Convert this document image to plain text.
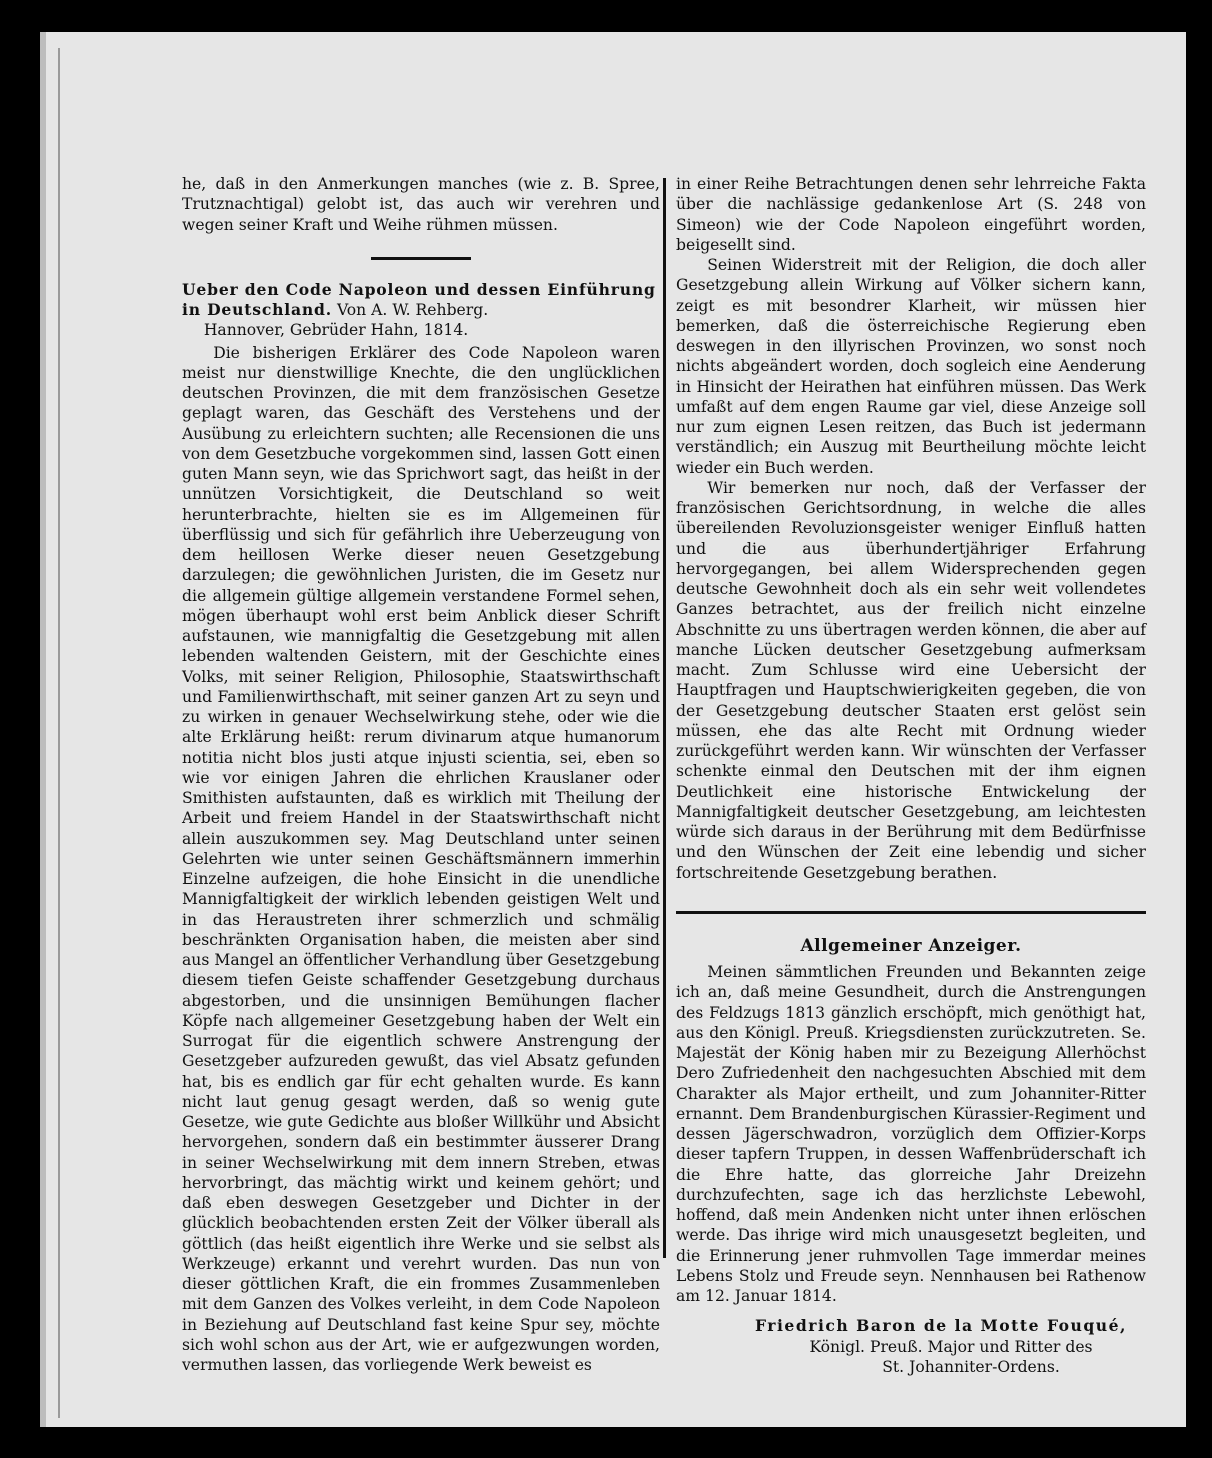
he, daß in den Anmerkungen manches (wie z. B. Spree, Trutznachtigal) gelobt ist, das auch wir verehren und wegen seiner Kraft und Weihe rühmen müssen.

Ueber den Code Napoleon und dessen Einführung in Deutschland. Von A. W. Rehberg.
Hannover, Gebrüder Hahn, 1814.

Die bisherigen Erklärer des Code Napoleon waren meist nur dienstwillige Knechte, die den unglücklichen deutschen Provinzen, die mit dem französischen Gesetze geplagt waren, das Geschäft des Verstehens und der Ausübung zu erleichtern suchten; alle Recensionen die uns von dem Gesetzbuche vorgekommen sind, lassen Gott einen guten Mann seyn, wie das Sprichwort sagt, das heißt in der unnützen Vorsichtigkeit, die Deutschland so weit herunterbrachte, hielten sie es im Allgemeinen für überflüssig und sich für gefährlich ihre Ueberzeugung von dem heillosen Werke dieser neuen Gesetzgebung darzulegen; die gewöhnlichen Juristen, die im Gesetz nur die allgemein gültige allgemein verstandene Formel sehen, mögen überhaupt wohl erst beim Anblick dieser Schrift aufstaunen, wie mannigfaltig die Gesetzgebung mit allen lebenden waltenden Geistern, mit der Geschichte eines Volks, mit seiner Religion, Philosophie, Staatswirthschaft und Familienwirthschaft, mit seiner ganzen Art zu seyn und zu wirken in genauer Wechselwirkung stehe, oder wie die alte Erklärung heißt: rerum divinarum atque humanorum notitia nicht blos justi atque injusti scientia, sei, eben so wie vor einigen Jahren die ehrlichen Krauslaner oder Smithisten aufstaunten, daß es wirklich mit Theilung der Arbeit und freiem Handel in der Staatswirthschaft nicht allein auszukommen sey. Mag Deutschland unter seinen Gelehrten wie unter seinen Geschäftsmännern immerhin Einzelne aufzeigen, die hohe Einsicht in die unendliche Mannigfaltigkeit der wirklich lebenden geistigen Welt und in das Heraustreten ihrer schmerzlich und schmälig beschränkten Organisation haben, die meisten aber sind aus Mangel an öffentlicher Verhandlung über Gesetzgebung diesem tiefen Geiste schaffender Gesetzgebung durchaus abgestorben, und die unsinnigen Bemühungen flacher Köpfe nach allgemeiner Gesetzgebung haben der Welt ein Surrogat für die eigentlich schwere Anstrengung der Gesetzgeber aufzureden gewußt, das viel Absatz gefunden hat, bis es endlich gar für echt gehalten wurde. Es kann nicht laut genug gesagt werden, daß so wenig gute Gesetze, wie gute Gedichte aus bloßer Willkühr und Absicht hervorgehen, sondern daß ein bestimmter äusserer Drang in seiner Wechselwirkung mit dem innern Streben, etwas hervorbringt, das mächtig wirkt und keinem gehört; und daß eben deswegen Gesetzgeber und Dichter in der glücklich beobachtenden ersten Zeit der Völker überall als göttlich (das heißt eigentlich ihre Werke und sie selbst als Werkzeuge) erkannt und verehrt wurden. Das nun von dieser göttlichen Kraft, die ein frommes Zusammenleben mit dem Ganzen des Volkes verleiht, in dem Code Napoleon in Beziehung auf Deutschland fast keine Spur sey, möchte sich wohl schon aus der Art, wie er aufgezwungen worden, vermuthen lassen, das vorliegende Werk beweist es

in einer Reihe Betrachtungen denen sehr lehrreiche Fakta über die nachlässige gedankenlose Art (S. 248 von Simeon) wie der Code Napoleon eingeführt worden, beigesellt sind.

Seinen Widerstreit mit der Religion, die doch aller Gesetzgebung allein Wirkung auf Völker sichern kann, zeigt es mit besondrer Klarheit, wir müssen hier bemerken, daß die österreichische Regierung eben deswegen in den illyrischen Provinzen, wo sonst noch nichts abgeändert worden, doch sogleich eine Aenderung in Hinsicht der Heirathen hat einführen müssen. Das Werk umfaßt auf dem engen Raume gar viel, diese Anzeige soll nur zum eignen Lesen reitzen, das Buch ist jedermann verständlich; ein Auszug mit Beurtheilung möchte leicht wieder ein Buch werden.

Wir bemerken nur noch, daß der Verfasser der französischen Gerichtsordnung, in welche die alles übereilenden Revoluzionsgeister weniger Einfluß hatten und die aus überhundertjähriger Erfahrung hervorgegangen, bei allem Widersprechenden gegen deutsche Gewohnheit doch als ein sehr weit vollendetes Ganzes betrachtet, aus der freilich nicht einzelne Abschnitte zu uns übertragen werden können, die aber auf manche Lücken deutscher Gesetzgebung aufmerksam macht. Zum Schlusse wird eine Uebersicht der Hauptfragen und Hauptschwierigkeiten gegeben, die von der Gesetzgebung deutscher Staaten erst gelöst sein müssen, ehe das alte Recht mit Ordnung wieder zurückgeführt werden kann. Wir wünschten der Verfasser schenkte einmal den Deutschen mit der ihm eignen Deutlichkeit eine historische Entwickelung der Mannigfaltigkeit deutscher Gesetzgebung, am leichtesten würde sich daraus in der Berührung mit dem Bedürfnisse und den Wünschen der Zeit eine lebendig und sicher fortschreitende Gesetzgebung berathen.

Allgemeiner Anzeiger.

Meinen sämmtlichen Freunden und Bekannten zeige ich an, daß meine Gesundheit, durch die Anstrengungen des Feldzugs 1813 gänzlich erschöpft, mich genöthigt hat, aus den Königl. Preuß. Kriegsdiensten zurückzutreten. Se. Majestät der König haben mir zu Bezeigung Allerhöchst Dero Zufriedenheit den nachgesuchten Abschied mit dem Charakter als Major ertheilt, und zum Johanniter-Ritter ernannt. Dem Brandenburgischen Kürassier-Regiment und dessen Jägerschwadron, vorzüglich dem Offizier-Korps dieser tapfern Truppen, in dessen Waffenbrüderschaft ich die Ehre hatte, das glorreiche Jahr Dreizehn durchzufechten, sage ich das herzlichste Lebewohl, hoffend, daß mein Andenken nicht unter ihnen erlöschen werde. Das ihrige wird mich unausgesetzt begleiten, und die Erinnerung jener ruhmvollen Tage immerdar meines Lebens Stolz und Freude seyn. Nennhausen bei Rathenow am 12. Januar 1814.

Friedrich Baron de la Motte Fouqué,
Königl. Preuß. Major und Ritter des
St. Johanniter-Ordens.
